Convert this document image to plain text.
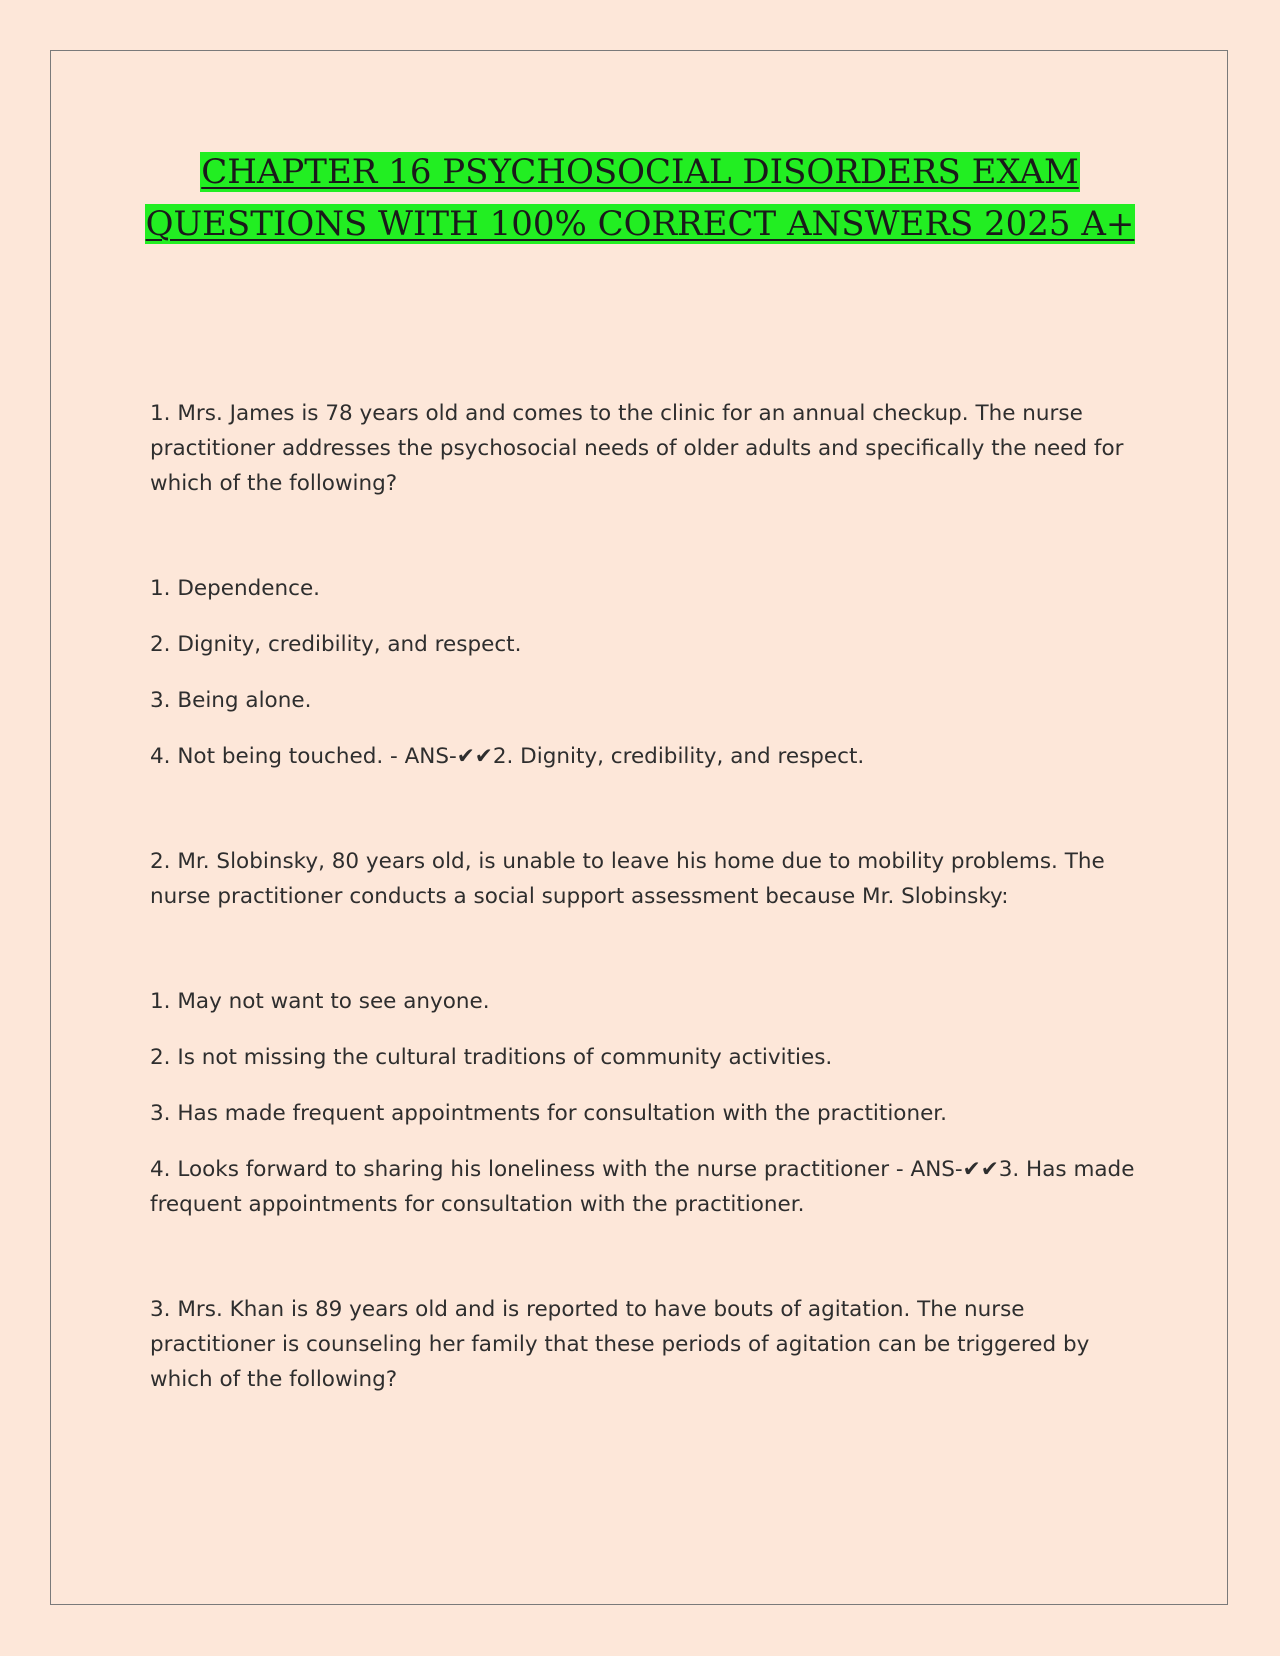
CHAPTER 16 PSYCHOSOCIAL DISORDERS EXAM QUESTIONS WITH 100% CORRECT ANSWERS 2025 A+

1. Mrs. James is 78 years old and comes to the clinic for an annual checkup. The nurse practitioner addresses the psychosocial needs of older adults and specifically the need for which of the following?

1. Dependence.

2. Dignity, credibility, and respect.

3. Being alone.

4. Not being touched. - ANS-✔✔2. Dignity, credibility, and respect.

2. Mr. Slobinsky, 80 years old, is unable to leave his home due to mobility problems. The nurse practitioner conducts a social support assessment because Mr. Slobinsky:

1. May not want to see anyone.

2. Is not missing the cultural traditions of community activities.

3. Has made frequent appointments for consultation with the practitioner.

4. Looks forward to sharing his loneliness with the nurse practitioner - ANS-✔✔3. Has made frequent appointments for consultation with the practitioner.

3. Mrs. Khan is 89 years old and is reported to have bouts of agitation. The nurse practitioner is counseling her family that these periods of agitation can be triggered by which of the following?
